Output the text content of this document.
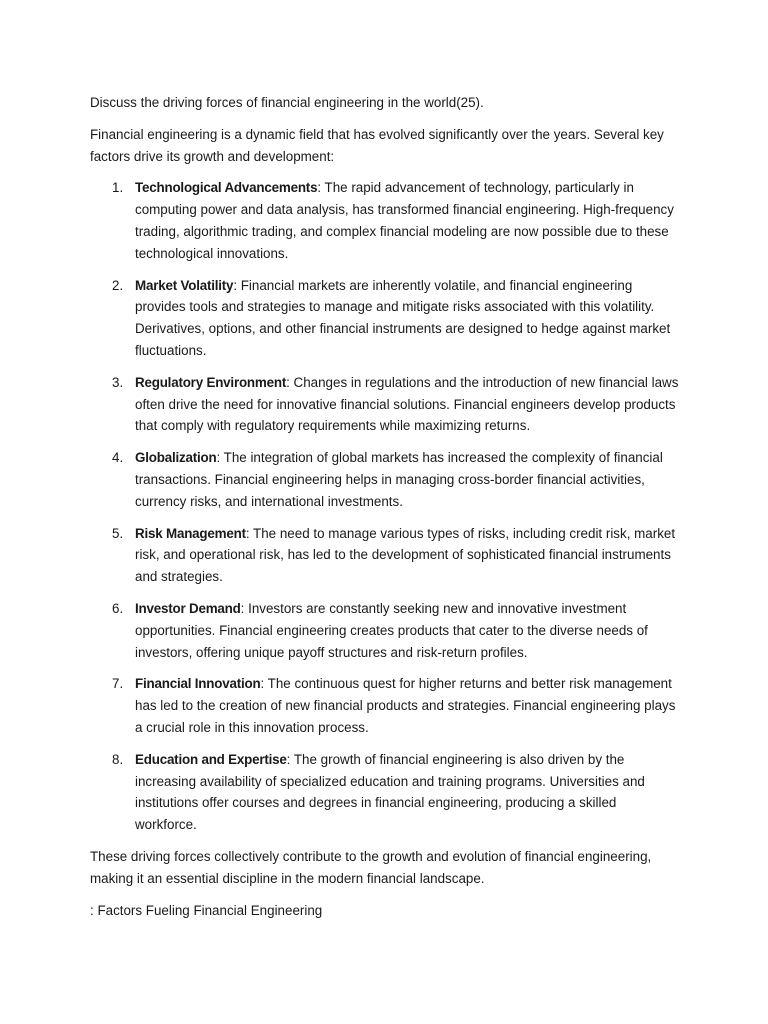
Discuss the driving forces of financial engineering in the world(25).

Financial engineering is a dynamic field that has evolved significantly over the years. Several key factors drive its growth and development:

1. Technological Advancements: The rapid advancement of technology, particularly in computing power and data analysis, has transformed financial engineering. High-frequency trading, algorithmic trading, and complex financial modeling are now possible due to these technological innovations.
2. Market Volatility: Financial markets are inherently volatile, and financial engineering provides tools and strategies to manage and mitigate risks associated with this volatility. Derivatives, options, and other financial instruments are designed to hedge against market fluctuations.
3. Regulatory Environment: Changes in regulations and the introduction of new financial laws often drive the need for innovative financial solutions. Financial engineers develop products that comply with regulatory requirements while maximizing returns.
4. Globalization: The integration of global markets has increased the complexity of financial transactions. Financial engineering helps in managing cross-border financial activities, currency risks, and international investments.
5. Risk Management: The need to manage various types of risks, including credit risk, market risk, and operational risk, has led to the development of sophisticated financial instruments and strategies.
6. Investor Demand: Investors are constantly seeking new and innovative investment opportunities. Financial engineering creates products that cater to the diverse needs of investors, offering unique payoff structures and risk-return profiles.
7. Financial Innovation: The continuous quest for higher returns and better risk management has led to the creation of new financial products and strategies. Financial engineering plays a crucial role in this innovation process.
8. Education and Expertise: The growth of financial engineering is also driven by the increasing availability of specialized education and training programs. Universities and institutions offer courses and degrees in financial engineering, producing a skilled workforce.

These driving forces collectively contribute to the growth and evolution of financial engineering, making it an essential discipline in the modern financial landscape.

: Factors Fueling Financial Engineering
